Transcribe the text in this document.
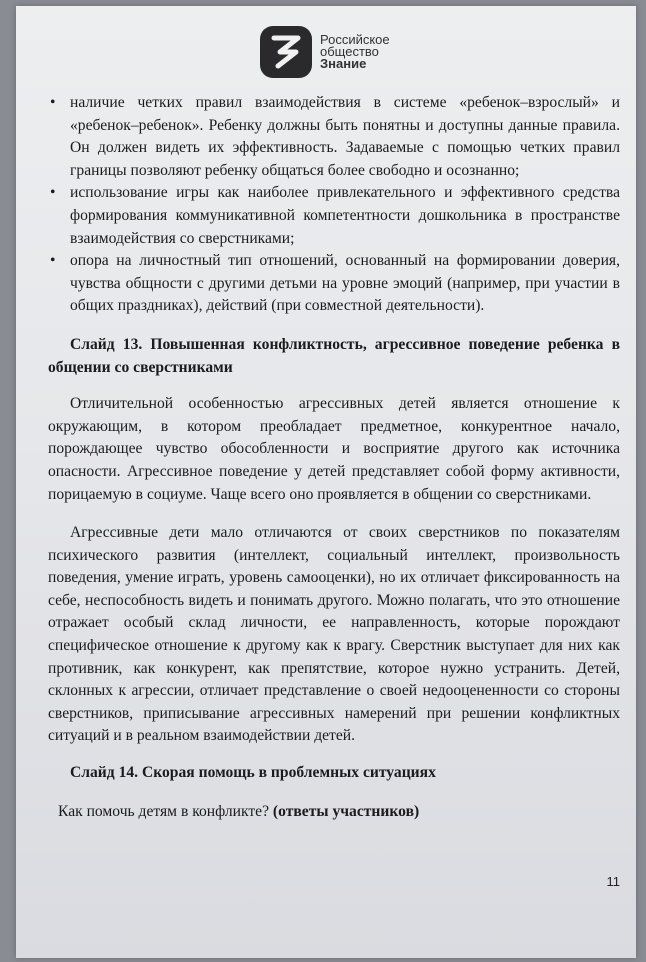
Российское
общество
Знание
• наличие четких правил взаимодействия в системе «ребенок–взрослый» и «ребенок–ребенок». Ребенку должны быть понятны и доступны данные правила. Он должен видеть их эффективность. Задаваемые с помощью четких правил границы позволяют ребенку общаться более свободно и осознанно;
• использование игры как наиболее привлекательного и эффективного средства формирования коммуникативной компетентности дошкольника в пространстве взаимодействия со сверстниками;
• опора на личностный тип отношений, основанный на формировании доверия, чувства общности с другими детьми на уровне эмоций (например, при участии в общих праздниках), действий (при совместной деятельности).

Слайд 13. Повышенная конфликтность, агрессивное поведение ребенка в общении со сверстниками

Отличительной особенностью агрессивных детей является отношение к окружающим, в котором преобладает предметное, конкурентное начало, порождающее чувство обособленности и восприятие другого как источника опасности. Агрессивное поведение у детей представляет собой форму активности, порицаемую в социуме. Чаще всего оно проявляется в общении со сверстниками.

Агрессивные дети мало отличаются от своих сверстников по показателям психического развития (интеллект, социальный интеллект, произвольность поведения, умение играть, уровень самооценки), но их отличает фиксированность на себе, неспособность видеть и понимать другого. Можно полагать, что это отношение отражает особый склад личности, ее направленность, которые порождают специфическое отношение к другому как к врагу. Сверстник выступает для них как противник, как конкурент, как препятствие, которое нужно устранить. Детей, склонных к агрессии, отличает представление о своей недооцененности со стороны сверстников, приписывание агрессивных намерений при решении конфликтных ситуаций и в реальном взаимодействии детей.

Слайд 14. Скорая помощь в проблемных ситуациях

Как помочь детям в конфликте? (ответы участников)

11
